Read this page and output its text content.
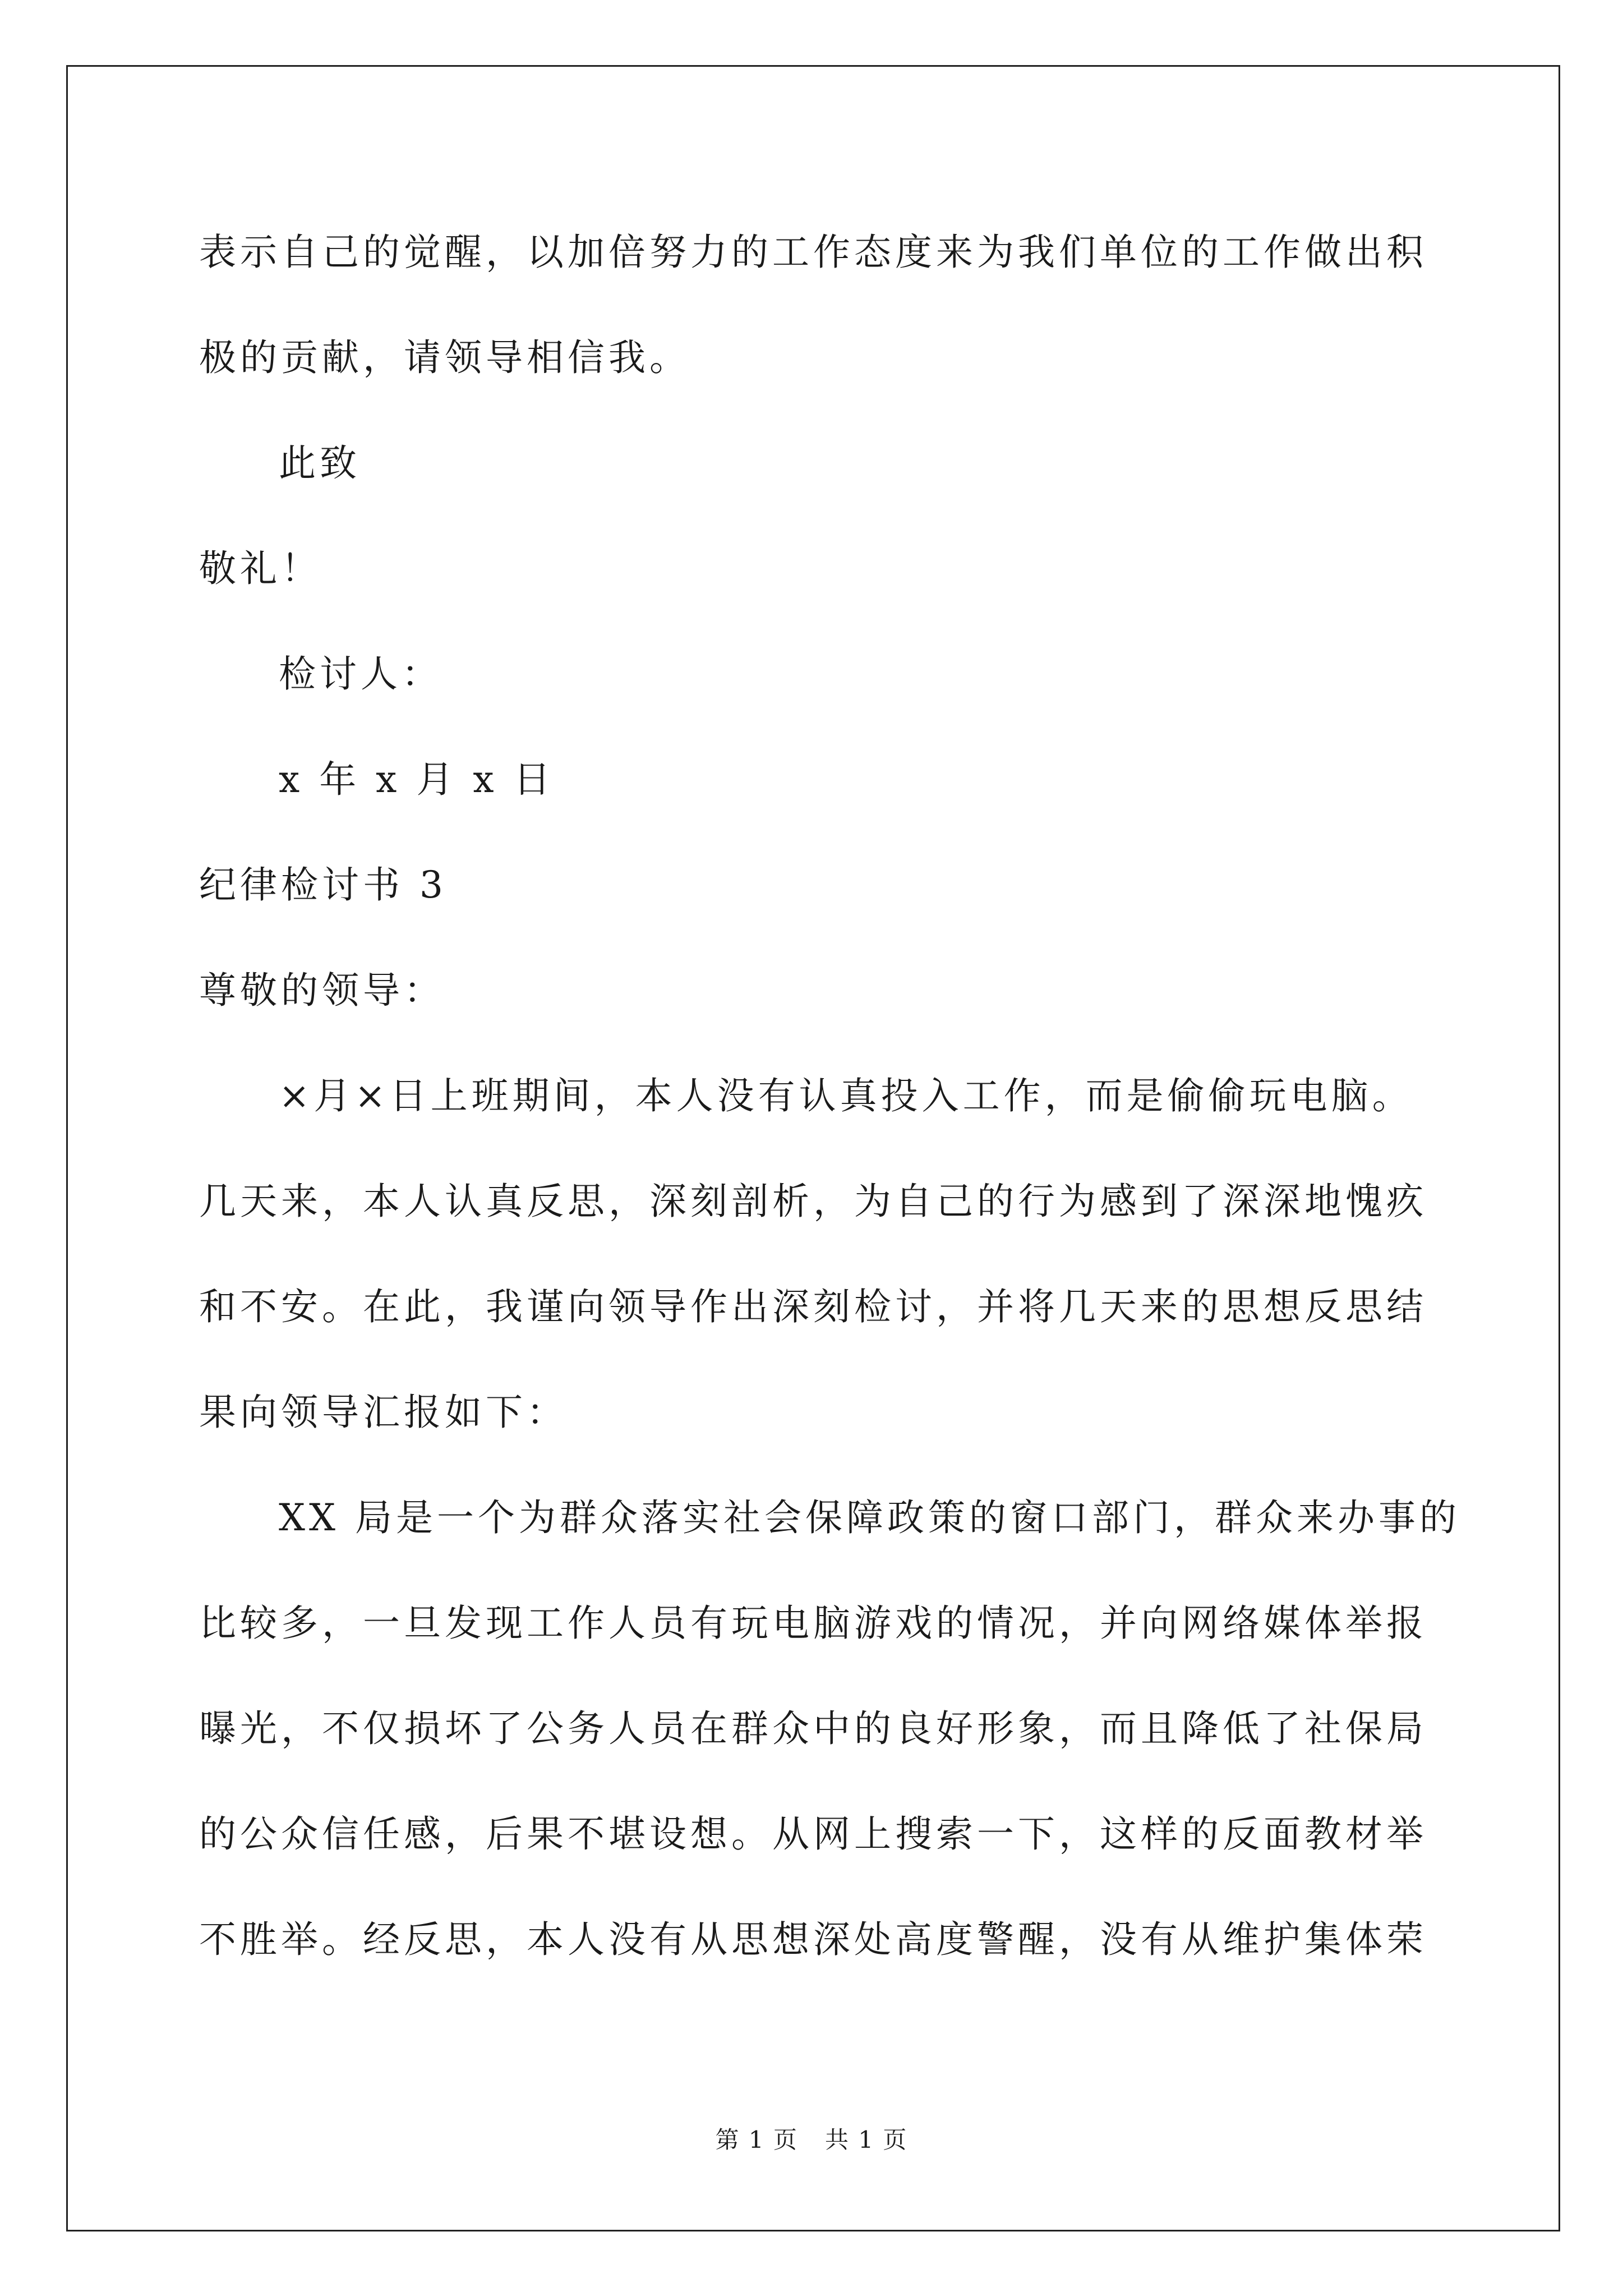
表示自己的觉醒，以加倍努力的工作态度来为我们单位的工作做出积
极的贡献，请领导相信我。
此致
敬礼！
检讨人：
x 年 x 月 x 日
纪律检讨书 3
尊敬的领导：
×月×日上班期间，本人没有认真投入工作，而是偷偷玩电脑。
几天来，本人认真反思，深刻剖析，为自己的行为感到了深深地愧疚
和不安。在此，我谨向领导作出深刻检讨，并将几天来的思想反思结
果向领导汇报如下：
XX 局是一个为群众落实社会保障政策的窗口部门，群众来办事的
比较多，一旦发现工作人员有玩电脑游戏的情况，并向网络媒体举报
曝光，不仅损坏了公务人员在群众中的良好形象，而且降低了社保局
的公众信任感，后果不堪设想。从网上搜索一下，这样的反面教材举
不胜举。经反思，本人没有从思想深处高度警醒，没有从维护集体荣
第 1 页 共 1 页
